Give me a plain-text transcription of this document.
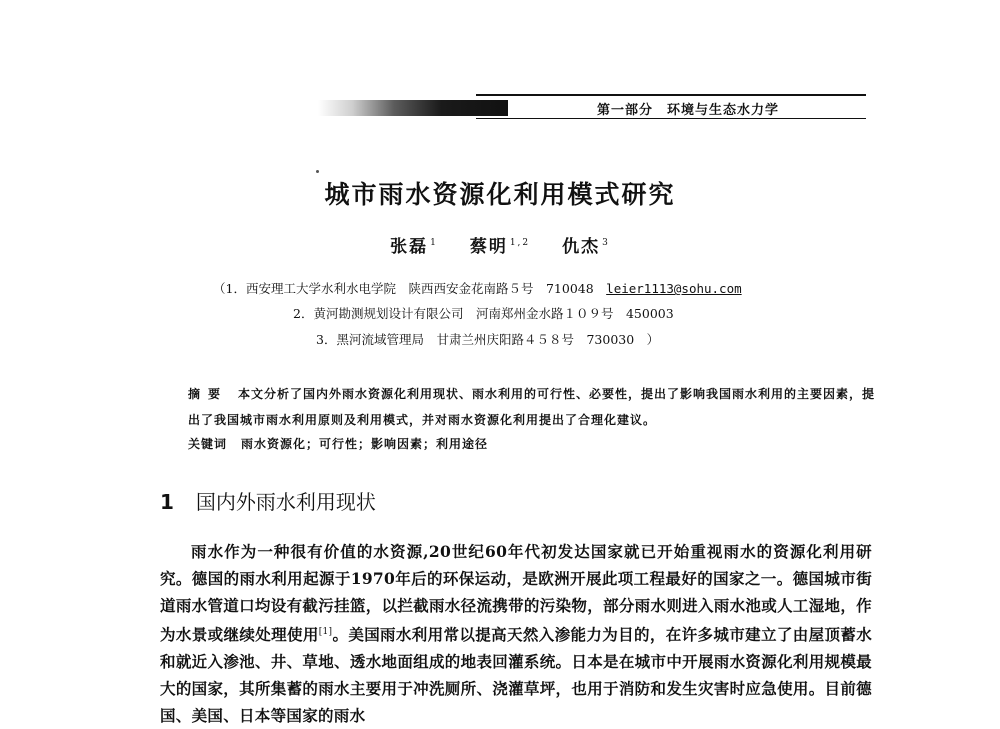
第一部分　环境与生态水力学
城市雨水资源化利用模式研究
张磊 $^1$ 蔡明 $^{1,2}$ 仇杰 $^3$
（1．西安理工大学水利水电学院　陕西西安金花南路５号　710048　leier1113@sohu.com
2．黄河勘测规划设计有限公司　河南郑州金水路１０９号　450003
3．黑河流域管理局　甘肃兰州庆阳路４５８号　730030　）
摘要 本文分析了国内外雨水资源化利用现状、雨水利用的可行性、必要性，提出了影响我国雨水利用的主要因素，提出了我国城市雨水利用原则及利用模式，并对雨水资源化利用提出了合理化建议。
关键词 雨水资源化；可行性；影响因素；利用途径
1 国内外雨水利用现状
雨水作为一种很有价值的水资源,20世纪60年代初发达国家就已开始重视雨水的资源化利用研究。德国的雨水利用起源于1970年后的环保运动，是欧洲开展此项工程最好的国家之一。德国城市街道雨水管道口均设有截污挂篮，以拦截雨水径流携带的污染物，部分雨水则进入雨水池或人工湿地，作为水景或继续处理使用[1]。美国雨水利用常以提高天然入渗能力为目的，在许多城市建立了由屋顶蓄水和就近入渗池、井、草地、透水地面组成的地表回灌系统。日本是在城市中开展雨水资源化利用规模最大的国家，其所集蓄的雨水主要用于冲洗厕所、浇灌草坪，也用于消防和发生灾害时应急使用。目前德国、美国、日本等国家的雨水
